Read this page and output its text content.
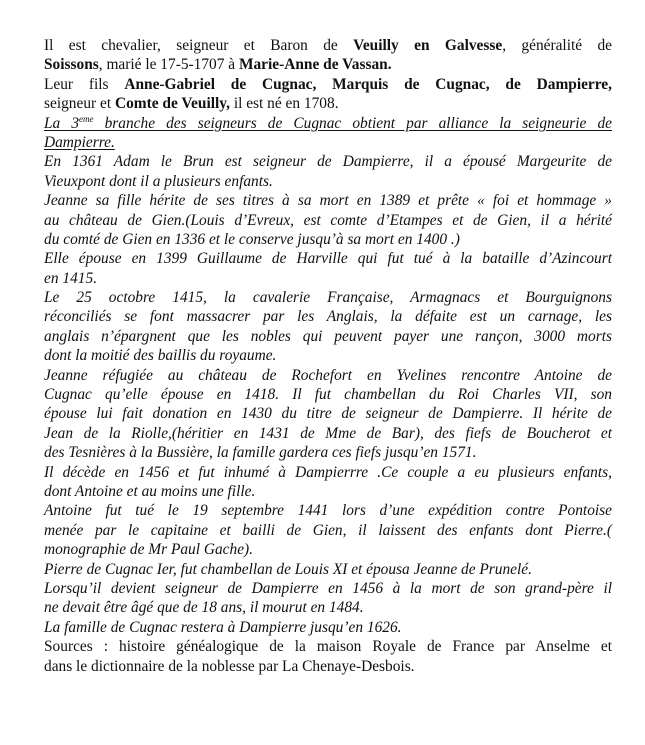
Il est chevalier, seigneur et Baron de Veuilly en Galvesse, généralité de
Soissons, marié le 17-5-1707 à Marie-Anne de Vassan.
Leur fils Anne-Gabriel de Cugnac, Marquis de Cugnac, de Dampierre,
seigneur et Comte de Veuilly, il est né en 1708.
La 3eme branche des seigneurs de Cugnac obtient par alliance la seigneurie de
Dampierre.
En 1361 Adam le Brun est seigneur de Dampierre, il a épousé Margeurite de
Vieuxpont dont il a plusieurs enfants.
Jeanne sa fille hérite de ses titres à sa mort en 1389 et prête « foi et hommage »
au château de Gien.(Louis d’Evreux, est comte d’Etampes et de Gien, il a hérité
du comté de Gien en 1336 et le conserve jusqu’à sa mort en 1400 .)
Elle épouse en 1399 Guillaume de Harville qui fut tué à la bataille d’Azincourt
en 1415.
Le 25 octobre 1415, la cavalerie Française, Armagnacs et Bourguignons
réconciliés se font massacrer par les Anglais, la défaite est un carnage, les
anglais n’épargnent que les nobles qui peuvent payer une rançon, 3000 morts
dont la moitié des baillis du royaume.
Jeanne réfugiée au château de Rochefort en Yvelines rencontre Antoine de
Cugnac qu’elle épouse en 1418. Il fut chambellan du Roi Charles VII, son
épouse lui fait donation en 1430 du titre de seigneur de Dampierre. Il hérite de
Jean de la Riolle,(héritier en 1431 de Mme de Bar), des fiefs de Boucherot et
des Tesnières à la Bussière, la famille gardera ces fiefs jusqu’en 1571.
Il décède en 1456 et fut inhumé à Dampierrre .Ce couple a eu plusieurs enfants,
dont Antoine et au moins une fille.
Antoine fut tué le 19 septembre 1441 lors d’une expédition contre Pontoise
menée par le capitaine et bailli de Gien, il laissent des enfants dont Pierre.(
monographie de Mr Paul Gache).
Pierre de Cugnac Ier, fut chambellan de Louis XI et épousa Jeanne de Prunelé.
Lorsqu’il devient seigneur de Dampierre en 1456 à la mort de son grand-père il
ne devait être âgé que de 18 ans, il mourut en 1484.
La famille de Cugnac restera à Dampierre jusqu’en 1626.
Sources : histoire généalogique de la maison Royale de France par Anselme et
dans le dictionnaire de la noblesse par La Chenaye-Desbois.
